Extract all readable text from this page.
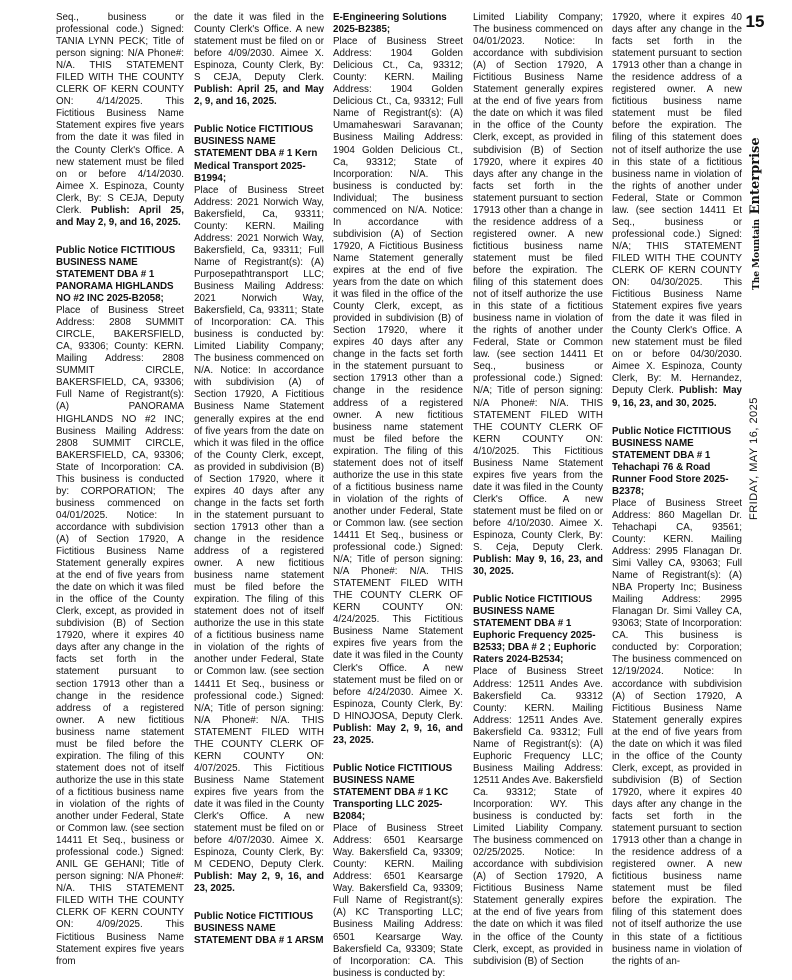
15
The Mountain Enterprise
FRIDAY, MAY 16, 2025

Seq., business or professional code.) Signed: TANIA LYNN PECK; Title of person signing: N/A Phone#: N/A. THIS STATEMENT FILED WITH THE COUNTY CLERK OF KERN COUNTY ON: 4/14/2025. This Fictitious Business Name Statement expires five years from the date it was filed in the County Clerk's Office. A new statement must be filed on or before 4/14/2030. Aimee X. Espinoza, County Clerk, By: S CEJA, Deputy Clerk. Publish: April 25, and May 2, 9, and 16, 2025.

Public Notice FICTITIOUS BUSINESS NAME STATEMENT DBA # 1 PANORAMA HIGHLANDS NO #2 INC 2025-B2058;
Place of Business Street Address: 2808 SUMMIT CIRCLE, BAKERSFIELD, CA, 93306; County: KERN. Mailing Address: 2808 SUMMIT CIRCLE, BAKERSFIELD, CA, 93306; Full Name of Registrant(s): (A) PANORAMA HIGHLANDS NO #2 INC; Business Mailing Address: 2808 SUMMIT CIRCLE, BAKERSFIELD, CA, 93306; State of Incorporation: CA. This business is conducted by: CORPORATION; The business commenced on 04/01/2025. Notice: In accordance with subdivision (A) of Section 17920, A Fictitious Business Name Statement generally expires at the end of five years from the date on which it was filed in the office of the County Clerk, except, as provided in subdivision (B) of Section 17920, where it expires 40 days after any change in the facts set forth in the statement pursuant to section 17913 other than a change in the residence address of a registered owner. A new fictitious business name statement must be filed before the expiration. The filing of this statement does not of itself authorize the use in this state of a fictitious business name in violation of the rights of another under Federal, State or Common law. (see section 14411 Et Seq., business or professional code.) Signed: ANIL GE GEHANI; Title of person signing: N/A Phone#: N/A. THIS STATEMENT FILED WITH THE COUNTY CLERK OF KERN COUNTY ON: 4/09/2025. This Fictitious Business Name Statement expires five years from

the date it was filed in the County Clerk's Office. A new statement must be filed on or before 4/09/2030. Aimee X. Espinoza, County Clerk, By: S CEJA, Deputy Clerk. Publish: April 25, and May 2, 9, and 16, 2025.

Public Notice FICTITIOUS BUSINESS NAME STATEMENT DBA # 1 Kern Medical Transport 2025-B1994;
Place of Business Street Address: 2021 Norwich Way, Bakersfield, Ca, 93311; County: KERN. Mailing Address: 2021 Norwich Way, Bakersfield, Ca, 93311; Full Name of Registrant(s): (A) Purposepathtransport LLC; Business Mailing Address: 2021 Norwich Way, Bakersfield, Ca, 93311; State of Incorporation: CA. This business is conducted by: Limited Liability Company; The business commenced on N/A. Notice: In accordance with subdivision (A) of Section 17920, A Fictitious Business Name Statement generally expires at the end of five years from the date on which it was filed in the office of the County Clerk, except, as provided in subdivision (B) of Section 17920, where it expires 40 days after any change in the facts set forth in the statement pursuant to section 17913 other than a change in the residence address of a registered owner. A new fictitious business name statement must be filed before the expiration. The filing of this statement does not of itself authorize the use in this state of a fictitious business name in violation of the rights of another under Federal, State or Common law. (see section 14411 Et Seq., business or professional code.) Signed: N/A; Title of person signing: N/A Phone#: N/A. THIS STATEMENT FILED WITH THE COUNTY CLERK OF KERN COUNTY ON: 4/07/2025. This Fictitious Business Name Statement expires five years from the date it was filed in the County Clerk's Office. A new statement must be filed on or before 4/07/2030. Aimee X. Espinoza, County Clerk, By: M CEDENO, Deputy Clerk. Publish: May 2, 9, 16, and 23, 2025.

Public Notice FICTITIOUS BUSINESS NAME STATEMENT DBA # 1 ARSM

E-Engineering Solutions 2025-B2385;
Place of Business Street Address: 1904 Golden Delicious Ct., Ca, 93312; County: KERN. Mailing Address: 1904 Golden Delicious Ct., Ca, 93312; Full Name of Registrant(s): (A) Umamaheswari Saravanan; Business Mailing Address: 1904 Golden Delicious Ct., Ca, 93312; State of Incorporation: N/A. This business is conducted by: Individual; The business commenced on N/A. Notice: In accordance with subdivision (A) of Section 17920, A Fictitious Business Name Statement generally expires at the end of five years from the date on which it was filed in the office of the County Clerk, except, as provided in subdivision (B) of Section 17920, where it expires 40 days after any change in the facts set forth in the statement pursuant to section 17913 other than a change in the residence address of a registered owner. A new fictitious business name statement must be filed before the expiration. The filing of this statement does not of itself authorize the use in this state of a fictitious business name in violation of the rights of another under Federal, State or Common law. (see section 14411 Et Seq., business or professional code.) Signed: N/A; Title of person signing: N/A Phone#: N/A. THIS STATEMENT FILED WITH THE COUNTY CLERK OF KERN COUNTY ON: 4/24/2025. This Fictitious Business Name Statement expires five years from the date it was filed in the County Clerk's Office. A new statement must be filed on or before 4/24/2030. Aimee X. Espinoza, County Clerk, By: D HINOJOSA, Deputy Clerk. Publish: May 2, 9, 16, and 23, 2025.

Public Notice FICTITIOUS BUSINESS NAME STATEMENT DBA # 1 KC Transporting LLC 2025-B2084;
Place of Business Street Address: 6501 Kearsarge Way. Bakersfield Ca, 93309; County: KERN. Mailing Address: 6501 Kearsarge Way. Bakersfield Ca, 93309; Full Name of Registrant(s): (A) KC Transporting LLC; Business Mailing Address: 6501 Kearsarge Way. Bakersfield Ca, 93309; State of Incorporation: CA. This business is conducted by:

Limited Liability Company; The business commenced on 04/01/2023. Notice: In accordance with subdivision (A) of Section 17920, A Fictitious Business Name Statement generally expires at the end of five years from the date on which it was filed in the office of the County Clerk, except, as provided in subdivision (B) of Section 17920, where it expires 40 days after any change in the facts set forth in the statement pursuant to section 17913 other than a change in the residence address of a registered owner. A new fictitious business name statement must be filed before the expiration. The filing of this statement does not of itself authorize the use in this state of a fictitious business name in violation of the rights of another under Federal, State or Common law. (see section 14411 Et Seq., business or professional code.) Signed: N/A; Title of person signing: N/A Phone#: N/A. THIS STATEMENT FILED WITH THE COUNTY CLERK OF KERN COUNTY ON: 4/10/2025. This Fictitious Business Name Statement expires five years from the date it was filed in the County Clerk's Office. A new statement must be filed on or before 4/10/2030. Aimee X. Espinoza, County Clerk, By: S. Ceja, Deputy Clerk. Publish: May 9, 16, 23, and 30, 2025.

Public Notice FICTITIOUS BUSINESS NAME STATEMENT DBA # 1 Euphoric Frequency 2025-B2533; DBA # 2 ; Euphoric Raters 2024-B2534;
Place of Business Street Address: 12511 Andes Ave. Bakersfield Ca. 93312 County: KERN. Mailing Address: 12511 Andes Ave. Bakersfield Ca. 93312; Full Name of Registrant(s): (A) Euphoric Frequency LLC; Business Mailing Address: 12511 Andes Ave. Bakersfield Ca. 93312; State of Incorporation: WY. This business is conducted by: Limited Liability Company. The business commenced on 02/25/2025. Notice: In accordance with subdivision (A) of Section 17920, A Fictitious Business Name Statement generally expires at the end of five years from the date on which it was filed in the office of the County Clerk, except, as provided in subdivision (B) of Section

17920, where it expires 40 days after any change in the facts set forth in the statement pursuant to section 17913 other than a change in the residence address of a registered owner. A new fictitious business name statement must be filed before the expiration. The filing of this statement does not of itself authorize the use in this state of a fictitious business name in violation of the rights of another under Federal, State or Common law. (see section 14411 Et Seq., business or professional code.) Signed: N/A; THIS STATEMENT FILED WITH THE COUNTY CLERK OF KERN COUNTY ON: 04/30/2025. This Fictitious Business Name Statement expires five years from the date it was filed in the County Clerk's Office. A new statement must be filed on or before 04/30/2030. Aimee X. Espinoza, County Clerk, By: M. Hernandez, Deputy Clerk. Publish: May 9, 16, 23, and 30, 2025.

Public Notice FICTITIOUS BUSINESS NAME STATEMENT DBA # 1 Tehachapi 76 & Road Runner Food Store 2025-B2378;
Place of Business Street Address: 860 Magellan Dr. Tehachapi CA, 93561; County: KERN. Mailing Address: 2995 Flanagan Dr. Simi Valley CA, 93063; Full Name of Registrant(s): (A) NBA Property Inc; Business Mailing Address: 2995 Flanagan Dr. Simi Valley CA, 93063; State of Incorporation: CA. This business is conducted by: Corporation; The business commenced on 12/19/2024. Notice: In accordance with subdivision (A) of Section 17920, A Fictitious Business Name Statement generally expires at the end of five years from the date on which it was filed in the office of the County Clerk, except, as provided in subdivision (B) of Section 17920, where it expires 40 days after any change in the facts set forth in the statement pursuant to section 17913 other than a change in the residence address of a registered owner. A new fictitious business name statement must be filed before the expiration. The filing of this statement does not of itself authorize the use in this state of a fictitious business name in violation of the rights of an-
